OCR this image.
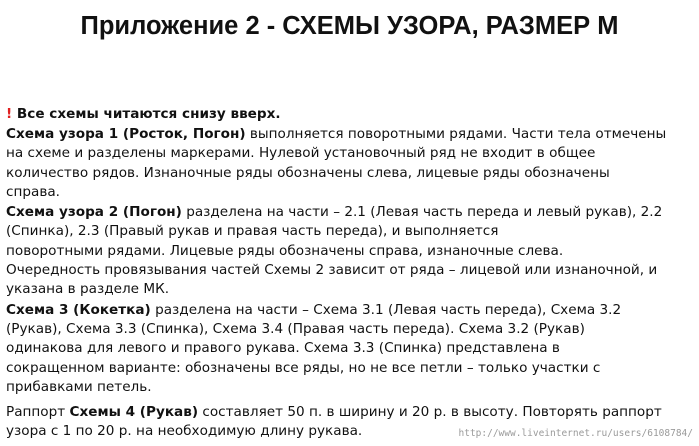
Приложение 2 - СХЕМЫ УЗОРА, РАЗМЕР М
! Все схемы читаются снизу вверх.
Схема узора 1 (Росток, Погон) выполняется поворотными рядами. Части тела отмечены
на схеме и разделены маркерами. Нулевой установочный ряд не входит в общее
количество рядов. Изнаночные ряды обозначены слева, лицевые ряды обозначены
справа.
Схема узора 2 (Погон) разделена на части – 2.1 (Левая часть переда и левый рукав), 2.2
(Спинка), 2.3 (Правый рукав и правая часть переда), и выполняется
поворотными рядами. Лицевые ряды обозначены справа, изнаночные слева.
Очередность провязывания частей Схемы 2 зависит от ряда – лицевой или изнаночной, и
указана в разделе МК.
Схема 3 (Кокетка) разделена на части – Схема 3.1 (Левая часть переда), Схема 3.2
(Рукав), Схема 3.3 (Спинка), Схема 3.4 (Правая часть переда). Схема 3.2 (Рукав)
одинакова для левого и правого рукава. Схема 3.3 (Спинка) представлена в
сокращенном варианте: обозначены все ряды, но не все петли – только участки с
прибавками петель.
Раппорт Схемы 4 (Рукав) составляет 50 п. в ширину и 20 р. в высоту. Повторять раппорт
узора с 1 по 20 р. на необходимую длину рукава.	http://www.liveinternet.ru/users/6108784/
